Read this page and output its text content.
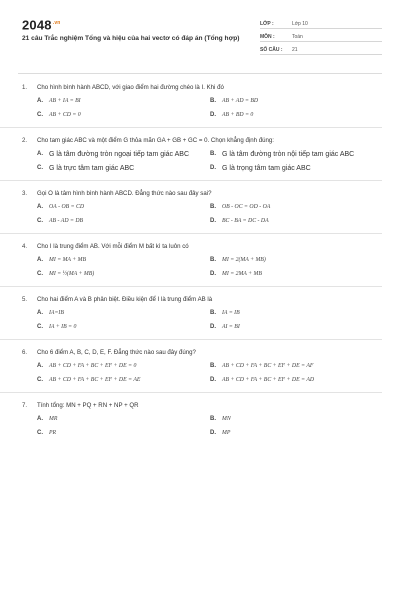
$2048^{.vn}$
21 câu Trắc nghiệm Tổng và hiệu của hai vectơ có đáp án (Tổng hợp)
LỚP :	Lớp 10
MÔN :	Toán
SỐ CÂU :	21
1.	Cho hình bình hành ABCD, với giao điểm hai đường chéo là I. Khi đó
A.	AB + IA = BI	B.	AB + AD = BD
C.	AB + CD = 0	D.	AB + BD = 0
2.	Cho tam giác ABC và một điểm G thỏa mãn GA + GB + GC = 0. Chọn khẳng định đúng:
A. G là tâm đường tròn ngoại tiếp tam giác ABC	B. G là tâm đường tròn nội tiếp tam giác ABC
C. G là trực tâm tam giác ABC	D. G là trọng tâm tam giác ABC
3.	Gọi O là tâm hình bình hành ABCD. Đẳng thức nào sau đây sai?
A.	OA - OB = CD	B.	OB - OC = OD - OA
C.	AB - AD = DB	D.	BC - BA = DC - DA
4.	Cho I là trung điểm AB. Với mỗi điểm M bất kì ta luôn có
A.	MI = MA + MB	B.	MI = 2(MA + MB)
C.	MI = ½(MA + MB)	D.	MI = 2MA + MB
5.	Cho hai điểm A và B phân biệt. Điều kiện để I là trung điểm AB là
A.	IA=IB	B.	IA = IB
C.	IA + IB = 0	D.	AI = BI
6.	Cho 6 điểm A, B, C, D, E, F. Đẳng thức nào sau đây đúng?
A.	AB + CD + FA + BC + EF + DE = 0	B.	AB + CD + FA + BC + EF + DE = AF
C.	AB + CD + FA + BC + EF + DE = AE	D.	AB + CD + FA + BC + EF + DE = AD
7.	Tính tổng: MN + PQ + RN + NP + QR
A.	MR	B.	MN
C.	PR	D.	MP
